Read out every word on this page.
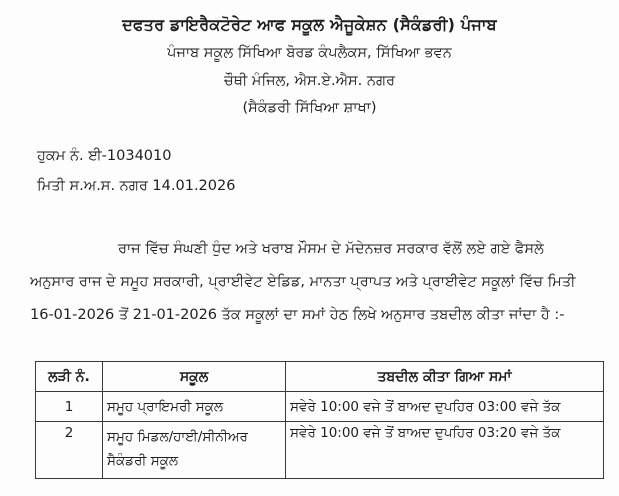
ਦਫਤਰ ਡਾਇਰੈਕਟੋਰੇਟ ਆਫ ਸਕੂਲ ਐਜੂਕੇਸ਼ਨ (ਸੈਕੰਡਰੀ) ਪੰਜਾਬ
ਪੰਜਾਬ ਸਕੂਲ ਸਿੱਖਿਆ ਬੋਰਡ ਕੰਪਲੈਕਸ, ਸਿੱਖਿਆ ਭਵਨ
ਚੌਥੀ ਮੰਜਿਲ, ਐਸ.ਏ.ਐਸ. ਨਗਰ
(ਸੈਕੰਡਰੀ ਸਿੱਖਿਆ ਸ਼ਾਖਾ)
ਹੁਕਮ ਨੰ. ਈ-1034010
ਮਿਤੀ ਸ.ਅ.ਸ. ਨਗਰ 14.01.2026
ਰਾਜ ਵਿੱਚ ਸੰਘਣੀ ਧੁੰਦ ਅਤੇ ਖਰਾਬ ਮੌਸਮ ਦੇ ਮੱਦੇਨਜ਼ਰ ਸਰਕਾਰ ਵੱਲੋਂ ਲਏ ਗਏ ਫੈਸਲੇ
ਅਨੁਸਾਰ ਰਾਜ ਦੇ ਸਮੂਹ ਸਰਕਾਰੀ, ਪ੍ਰਾਈਵੇਟ ਏਡਿਡ, ਮਾਨਤਾ ਪ੍ਰਾਪਤ ਅਤੇ ਪ੍ਰਾਈਵੇਟ ਸਕੂਲਾਂ ਵਿੱਚ ਮਿਤੀ
16-01-2026 ਤੋਂ 21-01-2026 ਤੱਕ ਸਕੂਲਾਂ ਦਾ ਸਮਾਂ ਹੇਠ ਲਿਖੇ ਅਨੁਸਾਰ ਤਬਦੀਲ ਕੀਤਾ ਜਾਂਦਾ ਹੈ :-
ਲੜੀ ਨੰ.	ਸਕੂਲ	ਤਬਦੀਲ ਕੀਤਾ ਗਿਆ ਸਮਾਂ
1	ਸਮੂਹ ਪ੍ਰਾਇਮਰੀ ਸਕੂਲ	ਸਵੇਰੇ 10:00 ਵਜੇ ਤੋਂ ਬਾਅਦ ਦੁਪਹਿਰ 03:00 ਵਜੇ ਤੱਕ
2	ਸਮੂਹ ਮਿਡਲ/ਹਾਈ/ਸੀਨੀਅਰ ਸੈਕੰਡਰੀ ਸਕੂਲ	ਸਵੇਰੇ 10:00 ਵਜੇ ਤੋਂ ਬਾਅਦ ਦੁਪਹਿਰ 03:20 ਵਜੇ ਤੱਕ
